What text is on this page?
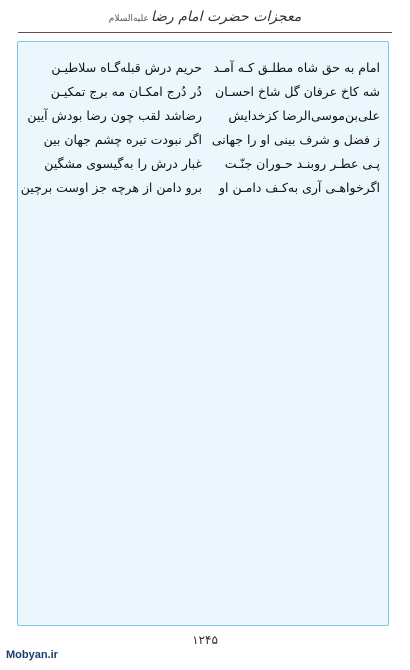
معجزات حضرت امام رضاعليه‌السلام
امام به حق شاه مطلـق کـه آمـد
حریم درش قبله‌گـاه سلاطیـن
شه کاخ عرفان گل شاخ احسـان
دُر دُرج امکـان مه برج تمکیـن
علی‌بن‌موسی‌الرضا کزخدایش
رضاشد لقب چون رضا بودش آیین
ز فضل و شرف بینی او را جهانی
اگر نبودت تیره چشم جهان بین
پـی عطـر روبنـد حـوران جنّـت
غبار درش را به‌گیسوی مشگین
اگرخواهـی آری به‌کـف دامـن او
برو دامن از هرچه جز اوست برچین
۱۲۴۵
Mobyan.ir
